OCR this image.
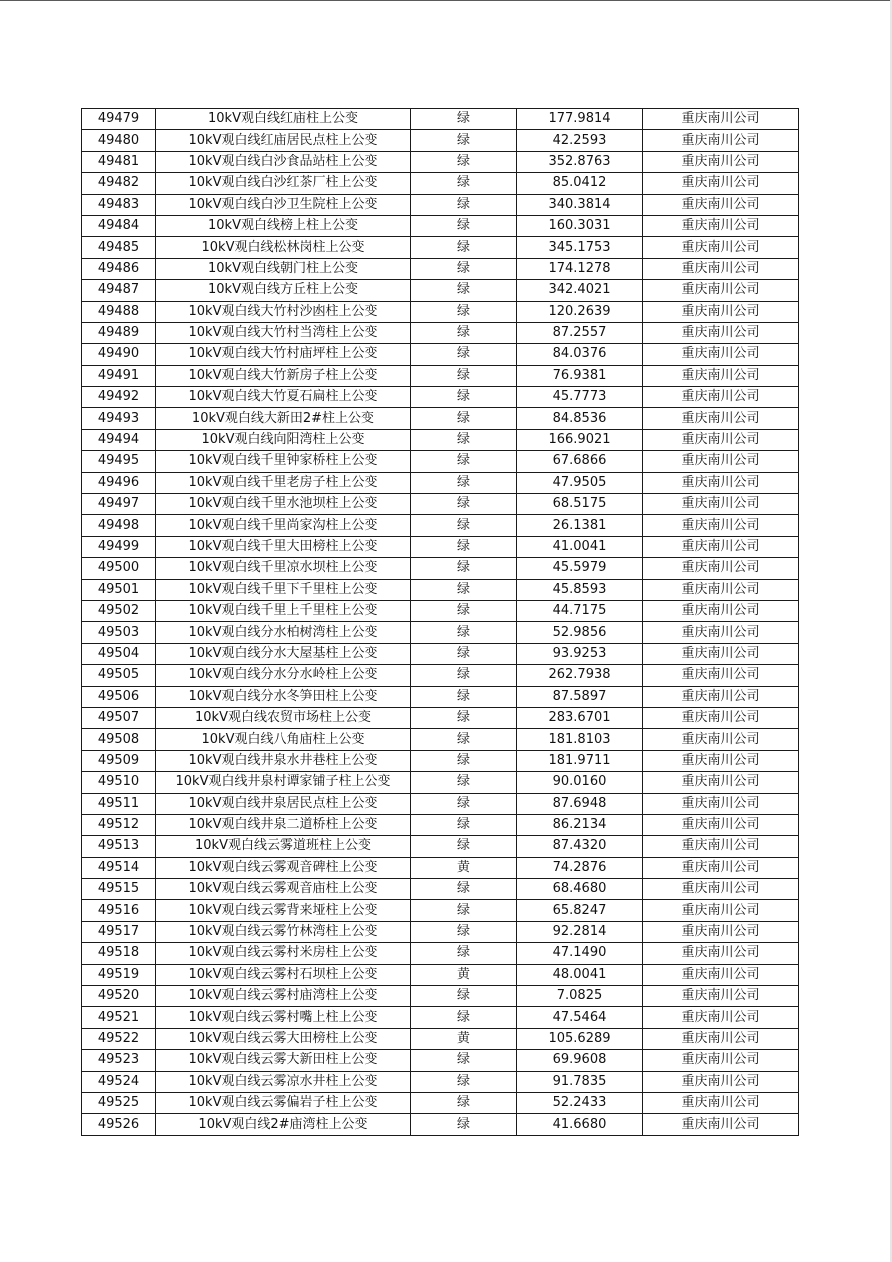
49479	10kV观白线红庙柱上公变	绿	177.9814	重庆南川公司
49480	10kV观白线红庙居民点柱上公变	绿	42.2593	重庆南川公司
49481	10kV观白线白沙食品站柱上公变	绿	352.8763	重庆南川公司
49482	10kV观白线白沙红茶厂柱上公变	绿	85.0412	重庆南川公司
49483	10kV观白线白沙卫生院柱上公变	绿	340.3814	重庆南川公司
49484	10kV观白线榜上柱上公变	绿	160.3031	重庆南川公司
49485	10kV观白线松林岗柱上公变	绿	345.1753	重庆南川公司
49486	10kV观白线朝门柱上公变	绿	174.1278	重庆南川公司
49487	10kV观白线方丘柱上公变	绿	342.4021	重庆南川公司
49488	10kV观白线大竹村沙凼柱上公变	绿	120.2639	重庆南川公司
49489	10kV观白线大竹村当湾柱上公变	绿	87.2557	重庆南川公司
49490	10kV观白线大竹村庙坪柱上公变	绿	84.0376	重庆南川公司
49491	10kV观白线大竹新房子柱上公变	绿	76.9381	重庆南川公司
49492	10kV观白线大竹夏石扁柱上公变	绿	45.7773	重庆南川公司
49493	10kV观白线大新田2#柱上公变	绿	84.8536	重庆南川公司
49494	10kV观白线向阳湾柱上公变	绿	166.9021	重庆南川公司
49495	10kV观白线千里钟家桥柱上公变	绿	67.6866	重庆南川公司
49496	10kV观白线千里老房子柱上公变	绿	47.9505	重庆南川公司
49497	10kV观白线千里水池坝柱上公变	绿	68.5175	重庆南川公司
49498	10kV观白线千里尚家沟柱上公变	绿	26.1381	重庆南川公司
49499	10kV观白线千里大田榜柱上公变	绿	41.0041	重庆南川公司
49500	10kV观白线千里凉水坝柱上公变	绿	45.5979	重庆南川公司
49501	10kV观白线千里下千里柱上公变	绿	45.8593	重庆南川公司
49502	10kV观白线千里上千里柱上公变	绿	44.7175	重庆南川公司
49503	10kV观白线分水柏树湾柱上公变	绿	52.9856	重庆南川公司
49504	10kV观白线分水大屋基柱上公变	绿	93.9253	重庆南川公司
49505	10kV观白线分水分水岭柱上公变	绿	262.7938	重庆南川公司
49506	10kV观白线分水冬笋田柱上公变	绿	87.5897	重庆南川公司
49507	10kV观白线农贸市场柱上公变	绿	283.6701	重庆南川公司
49508	10kV观白线八角庙柱上公变	绿	181.8103	重庆南川公司
49509	10kV观白线井泉水井巷柱上公变	绿	181.9711	重庆南川公司
49510	10kV观白线井泉村谭家铺子柱上公变	绿	90.0160	重庆南川公司
49511	10kV观白线井泉居民点柱上公变	绿	87.6948	重庆南川公司
49512	10kV观白线井泉二道桥柱上公变	绿	86.2134	重庆南川公司
49513	10kV观白线云雾道班柱上公变	绿	87.4320	重庆南川公司
49514	10kV观白线云雾观音碑柱上公变	黄	74.2876	重庆南川公司
49515	10kV观白线云雾观音庙柱上公变	绿	68.4680	重庆南川公司
49516	10kV观白线云雾背来垭柱上公变	绿	65.8247	重庆南川公司
49517	10kV观白线云雾竹林湾柱上公变	绿	92.2814	重庆南川公司
49518	10kV观白线云雾村米房柱上公变	绿	47.1490	重庆南川公司
49519	10kV观白线云雾村石坝柱上公变	黄	48.0041	重庆南川公司
49520	10kV观白线云雾村庙湾柱上公变	绿	7.0825	重庆南川公司
49521	10kV观白线云雾村嘴上柱上公变	绿	47.5464	重庆南川公司
49522	10kV观白线云雾大田榜柱上公变	黄	105.6289	重庆南川公司
49523	10kV观白线云雾大新田柱上公变	绿	69.9608	重庆南川公司
49524	10kV观白线云雾凉水井柱上公变	绿	91.7835	重庆南川公司
49525	10kV观白线云雾偏岩子柱上公变	绿	52.2433	重庆南川公司
49526	10kV观白线2#庙湾柱上公变	绿	41.6680	重庆南川公司
